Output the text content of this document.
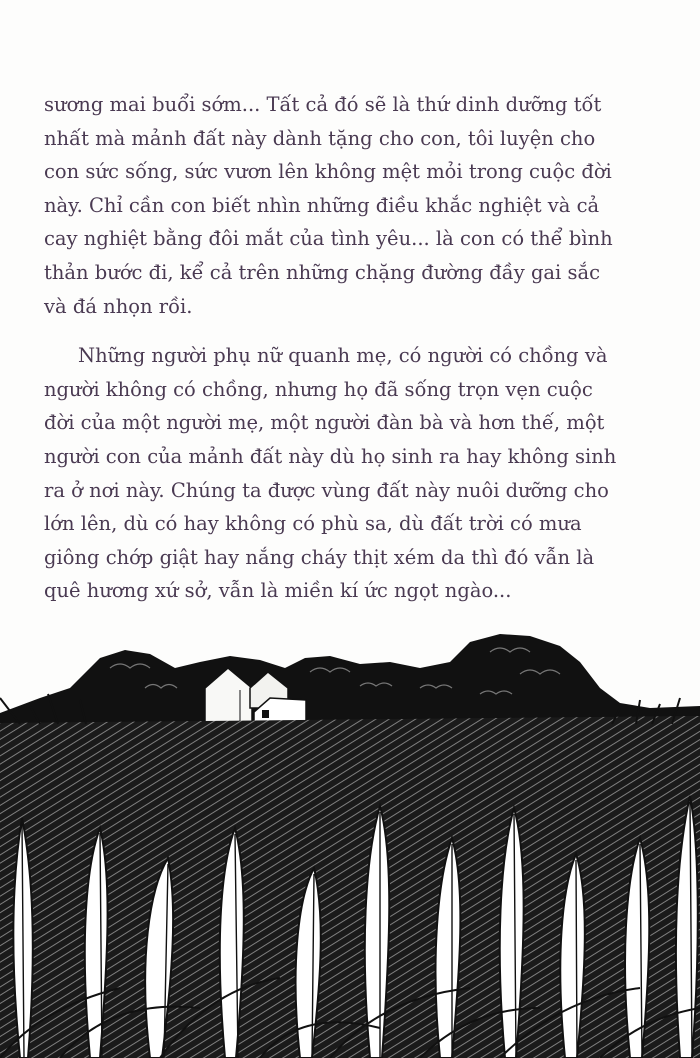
sương mai buổi sớm... Tất cả đó sẽ là thứ dinh dưỡng tốt
nhất mà mảnh đất này dành tặng cho con, tôi luyện cho
con sức sống, sức vươn lên không mệt mỏi trong cuộc đời
này. Chỉ cần con biết nhìn những điều khắc nghiệt và cả
cay nghiệt bằng đôi mắt của tình yêu... là con có thể bình
thản bước đi, kể cả trên những chặng đường đầy gai sắc
và đá nhọn rồi.

Những người phụ nữ quanh mẹ, có người có chồng và
người không có chồng, nhưng họ đã sống trọn vẹn cuộc
đời của một người mẹ, một người đàn bà và hơn thế, một
người con của mảnh đất này dù họ sinh ra hay không sinh
ra ở nơi này. Chúng ta được vùng đất này nuôi dưỡng cho
lớn lên, dù có hay không có phù sa, dù đất trời có mưa
giông chớp giật hay nắng cháy thịt xém da thì đó vẫn là
quê hương xứ sở, vẫn là miền kí ức ngọt ngào...
